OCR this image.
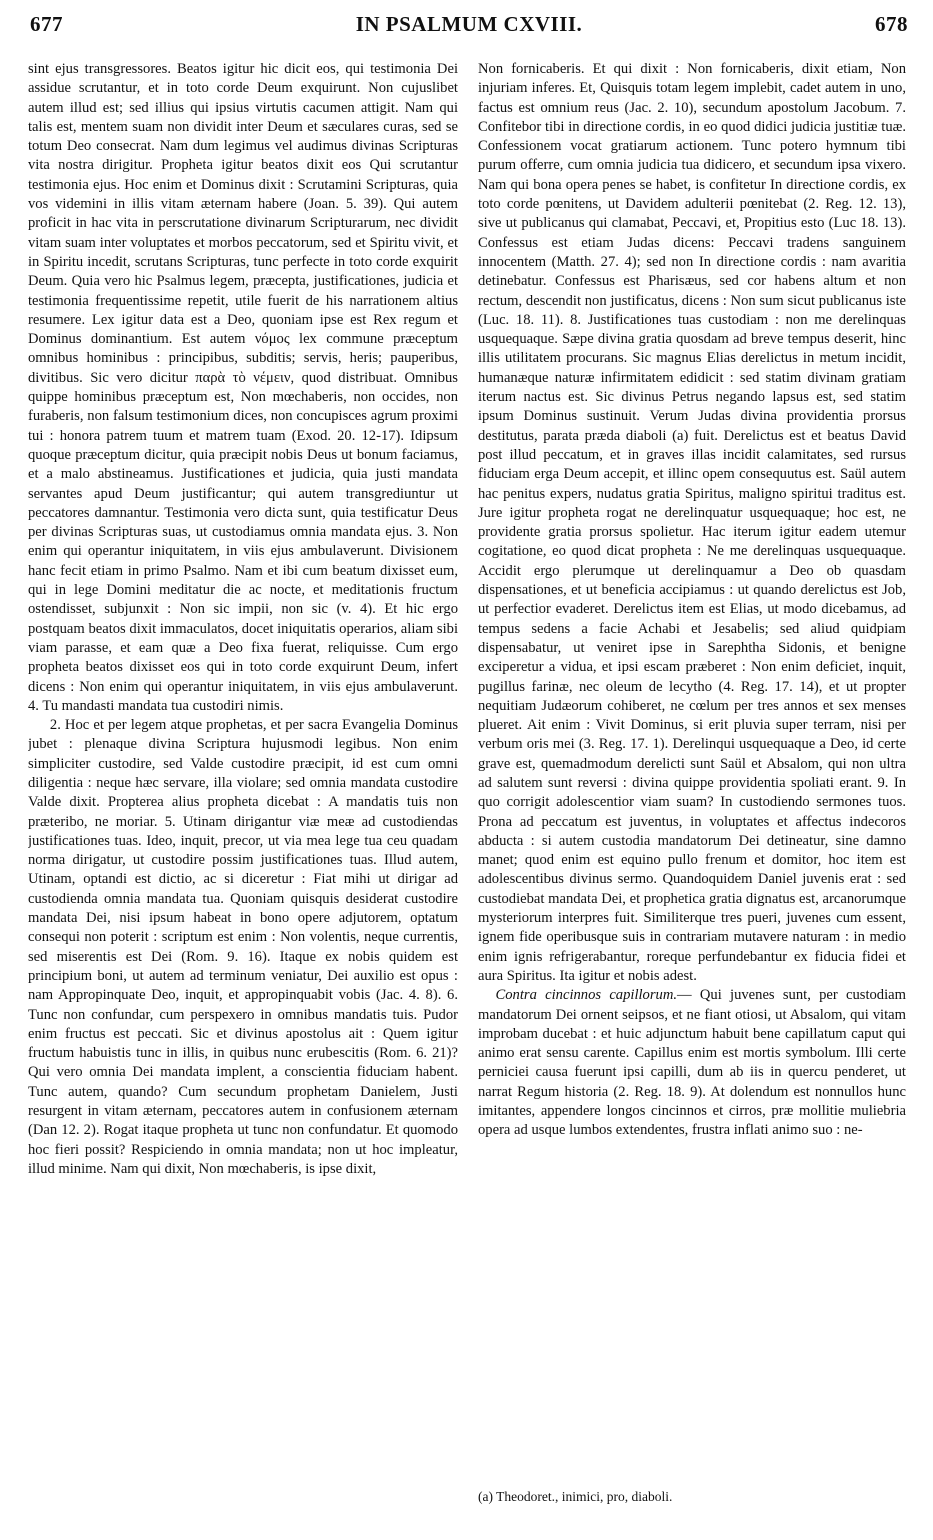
677	IN PSALMUM CXVIII.	678

sint ejus transgressores. Beatos igitur hic dicit eos, qui testimonia Dei assidue scrutantur, et in toto corde Deum exquirunt. Non cujuslibet autem illud est; sed illius qui ipsius virtutis cacumen attigit. Nam qui talis est, mentem suam non dividit inter Deum et sæculares curas, sed se totum Deo consecrat. Nam dum legimus vel audimus divinas Scripturas vita nostra dirigitur. Propheta igitur beatos dixit eos Qui scrutantur testimonia ejus. Hoc enim et Dominus dixit : Scrutamini Scripturas, quia vos videmini in illis vitam æternam habere (Joan. 5. 39). Qui autem proficit in hac vita in perscrutatione divinarum Scripturarum, nec dividit vitam suam inter voluptates et morbos peccatorum, sed et Spiritu vivit, et in Spiritu incedit, scrutans Scripturas, tunc perfecte in toto corde exquirit Deum. Quia vero hic Psalmus legem, præcepta, justificationes, judicia et testimonia frequentissime repetit, utile fuerit de his narrationem altius resumere. Lex igitur data est a Deo, quoniam ipse est Rex regum et Dominus dominantium. Est autem νόμος lex commune præceptum omnibus hominibus : principibus, subditis; servis, heris; pauperibus, divitibus. Sic vero dicitur παρὰ τὸ νέμειν, quod distribuat. Omnibus quippe hominibus præceptum est, Non mœchaberis, non occides, non furaberis, non falsum testimonium dices, non concupisces agrum proximi tui : honora patrem tuum et matrem tuam (Exod. 20. 12-17). Idipsum quoque præceptum dicitur, quia præcipit nobis Deus ut bonum faciamus, et a malo abstineamus. Justificationes et judicia, quia justi mandata servantes apud Deum justificantur; qui autem transgrediuntur ut peccatores damnantur. Testimonia vero dicta sunt, quia testificatur Deus per divinas Scripturas suas, ut custodiamus omnia mandata ejus. 3. Non enim qui operantur iniquitatem, in viis ejus ambulaverunt. Divisionem hanc fecit etiam in primo Psalmo. Nam et ibi cum beatum dixisset eum, qui in lege Domini meditatur die ac nocte, et meditationis fructum ostendisset, subjunxit : Non sic impii, non sic (v. 4). Et hic ergo postquam beatos dixit immaculatos, docet iniquitatis operarios, aliam sibi viam parasse, et eam quæ a Deo fixa fuerat, reliquisse. Cum ergo propheta beatos dixisset eos qui in toto corde exquirunt Deum, infert dicens : Non enim qui operantur iniquitatem, in viis ejus ambulaverunt. 4. Tu mandasti mandata tua custodiri nimis.

2. Hoc et per legem atque prophetas, et per sacra Evangelia Dominus jubet : plenaque divina Scriptura hujusmodi legibus. Non enim simpliciter custodire, sed Valde custodire præcipit, id est cum omni diligentia : neque hæc servare, illa violare; sed omnia mandata custodire Valde dixit. Propterea alius propheta dicebat : A mandatis tuis non præteribo, ne moriar. 5. Utinam dirigantur viæ meæ ad custodiendas justificationes tuas. Ideo, inquit, precor, ut via mea lege tua ceu quadam norma dirigatur, ut custodire possim justificationes tuas. Illud autem, Utinam, optandi est dictio, ac si diceretur : Fiat mihi ut dirigar ad custodienda omnia mandata tua. Quoniam quisquis desiderat custodire mandata Dei, nisi ipsum habeat in bono opere adjutorem, optatum consequi non poterit : scriptum est enim : Non volentis, neque currentis, sed miserentis est Dei (Rom. 9. 16). Itaque ex nobis quidem est principium boni, ut autem ad terminum veniatur, Dei auxilio est opus : nam Appropinquate Deo, inquit, et appropinquabit vobis (Jac. 4. 8). 6. Tunc non confundar, cum perspexero in omnibus mandatis tuis. Pudor enim fructus est peccati. Sic et divinus apostolus ait : Quem igitur fructum habuistis tunc in illis, in quibus nunc erubescitis (Rom. 6. 21)? Qui vero omnia Dei mandata implent, a conscientia fiduciam habent. Tunc autem, quando? Cum secundum prophetam Danielem, Justi resurgent in vitam æternam, peccatores autem in confusionem æternam (Dan 12. 2). Rogat itaque propheta ut tunc non confundatur. Et quomodo hoc fieri possit? Respiciendo in omnia mandata; non ut hoc impleatur, illud minime. Nam qui dixit, Non mœchaberis, is ipse dixit,

Non fornicaberis. Et qui dixit : Non fornicaberis, dixit etiam, Non injuriam inferes. Et, Quisquis totam legem implebit, cadet autem in uno, factus est omnium reus (Jac. 2. 10), secundum apostolum Jacobum. 7. Confitebor tibi in directione cordis, in eo quod didici judicia justitiæ tuæ. Confessionem vocat gratiarum actionem. Tunc potero hymnum tibi purum offerre, cum omnia judicia tua didicero, et secundum ipsa vixero. Nam qui bona opera penes se habet, is confitetur In directione cordis, ex toto corde pœnitens, ut Davidem adulterii pœnitebat (2. Reg. 12. 13), sive ut publicanus qui clamabat, Peccavi, et, Propitius esto (Luc 18. 13). Confessus est etiam Judas dicens: Peccavi tradens sanguinem innocentem (Matth. 27. 4); sed non In directione cordis : nam avaritia detinebatur. Confessus est Pharisæus, sed cor habens altum et non rectum, descendit non justificatus, dicens : Non sum sicut publicanus iste (Luc. 18. 11). 8. Justificationes tuas custodiam : non me derelinquas usquequaque. Sæpe divina gratia quosdam ad breve tempus deserit, hinc illis utilitatem procurans. Sic magnus Elias derelictus in metum incidit, humanæque naturæ infirmitatem edidicit : sed statim divinam gratiam iterum nactus est. Sic divinus Petrus negando lapsus est, sed statim ipsum Dominus sustinuit. Verum Judas divina providentia prorsus destitutus, parata præda diaboli (a) fuit. Derelictus est et beatus David post illud peccatum, et in graves illas incidit calamitates, sed rursus fiduciam erga Deum accepit, et illinc opem consequutus est. Saül autem hac penitus expers, nudatus gratia Spiritus, maligno spiritui traditus est. Jure igitur propheta rogat ne derelinquatur usquequaque; hoc est, ne providente gratia prorsus spolietur. Hac iterum igitur eadem utemur cogitatione, eo quod dicat propheta : Ne me derelinquas usquequaque. Accidit ergo plerumque ut derelinquamur a Deo ob quasdam dispensationes, et ut beneficia accipiamus : ut quando derelictus est Job, ut perfectior evaderet. Derelictus item est Elias, ut modo dicebamus, ad tempus sedens a facie Achabi et Jesabelis; sed aliud quidpiam dispensabatur, ut veniret ipse in Sarephtha Sidonis, et benigne exciperetur a vidua, et ipsi escam præberet : Non enim deficiet, inquit, pugillus farinæ, nec oleum de lecytho (4. Reg. 17. 14), et ut propter nequitiam Judæorum cohiberet, ne cœlum per tres annos et sex menses plueret. Ait enim : Vivit Dominus, si erit pluvia super terram, nisi per verbum oris mei (3. Reg. 17. 1). Derelinqui usquequaque a Deo, id certe grave est, quemadmodum derelicti sunt Saül et Absalom, qui non ultra ad salutem sunt reversi : divina quippe providentia spoliati erant. 9. In quo corrigit adolescentior viam suam? In custodiendo sermones tuos. Prona ad peccatum est juventus, in voluptates et affectus indecoros abducta : si autem custodia mandatorum Dei detineatur, sine damno manet; quod enim est equino pullo frenum et domitor, hoc item est adolescentibus divinus sermo. Quandoquidem Daniel juvenis erat : sed custodiebat mandata Dei, et prophetica gratia dignatus est, arcanorumque mysteriorum interpres fuit. Similiterque tres pueri, juvenes cum essent, ignem fide operibusque suis in contrariam mutavere naturam : in medio enim ignis refrigerabantur, roreque perfundebantur ex fiducia fidei et aura Spiritus. Ita igitur et nobis adest.

Contra cincinnos capillorum.— Qui juvenes sunt, per custodiam mandatorum Dei ornent seipsos, et ne fiant otiosi, ut Absalom, qui vitam improbam ducebat : et huic adjunctum habuit bene capillatum caput qui animo erat sensu carente. Capillus enim est mortis symbolum. Illi certe perniciei causa fuerunt ipsi capilli, dum ab iis in quercu penderet, ut narrat Regum historia (2. Reg. 18. 9). At dolendum est nonnullos hunc imitantes, appendere longos cincinnos et cirros, præ mollitie muliebria opera ad usque lumbos extendentes, frustra inflati animo suo : ne-

(a) Theodoret., inimici, pro, diaboli.
